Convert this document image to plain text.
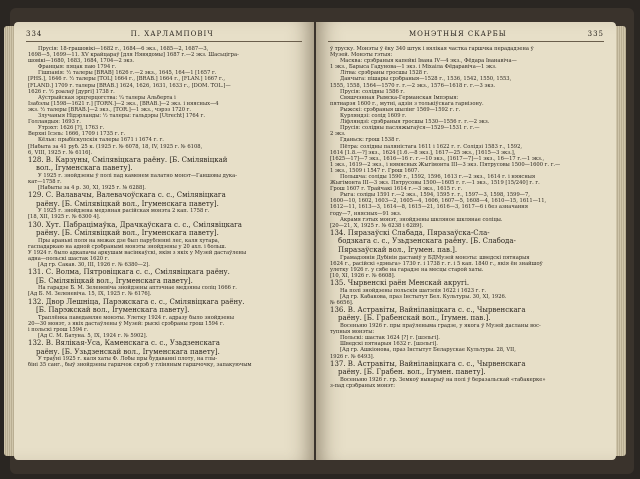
334	П. ХАРЛАМПОВІЧ
Прусія: 18-грашовікі—1682 г., 1684—6 экз., 1685—2, 1687—3,
1698—5, 1699—11. XV крайцараў [для Нявядомы] 1687 г.—2 экз. Шасьцігра-
шовікі—1680, 1683, 1684, 1704—2 экз.
Францыя: пяцак паю 1794 г.
Гішпанія: ½ талеры [BRAB] 1626 г.—2 экз., 1645, 164—1 [1657 г.
[PHS.], 1646 г. ½ талеры [TOL] 1664 г., [BRAB.] 1664 г., [FLAN.] 1667 г.,
[FLAND.] 1709 г. талеры [BRAB.] 1624, 1626, 1631, 1633 г., [DOM. TOL.]—
1626 г. ½ рэалаў [дургі] 1738 г.
Аўстрыйская эрцгерцогства: ¼ талеры Альберта і
Ізабэлы [1598—1621 г.] [TORN.]—2 экз., [BRAB.]—2 экз. і няясных—4
экз. ½ талеры [BRAB.]—2 экз., [TOR.]—1 экз., чэрэз 1720 г.
Злучаныя Нідэрланды: ½ талеры: гальдэры [Utrecht] 1764 г.
Голландыя: 1693 г.
Утрэхт: 1626 [?], 1763 г.
Верхні Ісэль: 1666, 1709 і 1735 г. г.
Кёльн: прыбіскупскія талеры 1671 і 1674 г. г.
[Набыта за 41 руб. 25 к. (1925 г. № 6078, 18, IV, 1925 г. № 6108,
6, VIII, 1925 г. № 6116].
128. В. Карзуны, Смілявіцкага раёну. [Б. Смілявіцкай
вол., Ігуменскага павету].
У 1925 г. знойдзены ў полі пад каменем палатно монэт—Ганшовы дука-
кат—1758 г.
[Набыты за 4 р. 30, XI, 1925 г. № 6288].
129. С. Валавачы, Валевачоўскага с. с., Смілявіцкага
раёну. [Б. Смілявіцкай вол., Ігуменскага павету].
У 1925 г. знойдзена медзяная расійская монэта 2 кап. 1758 г.
[18, XII, 1925 г. № 6300 4].
130. Хут. Пабрацімаўка, Драчкаўскага с. с., Смілявіцкага
раёну. [Б. Смілявіцкай вол., Ігуменскага павету].
Пры араньні поля на межах дзе был парубленні лес, каля хутара,
гаспадаркаю на адной срэбранымі монэты знойдзены у 20 ахл. і больш.
У 1924 г. было адкапачы аркушам васінкаўскі, якім з якіх у Музей дастаўлены
адна—польскі шастак 1620 г.
[Ад гр. Сакав. 30, III, 1926 г. № 6380—2].
131. С. Волма, Пятровіцкага с. с., Смілявіцкага раёну.
[Б. Смілявіцкай вол., Ігуменскага павету].
На гарадзе Б. М. Зеленевіча знойдзены аптэчнае медзяны соліц 1666 г.
[Ад Б. М. Зеленевіча. 15, IX, 1925 г. № 6176].
132. Двор Лешніца, Парэжскага с. с., Смілявіцкага раёну.
[Б. Парэжскай вол., Ігуменскага павету].
Траплёнка паведамляе монэты. Улетку 1924 г. адразу было знойдзены
20—30 монэт, з якіх дастаўлены ў Музей: рыскі срэбраны грош 1594 г.
і польскі грош 1594 г.
[Ад С. М. Батуна. 5, IX, 1924 г. № 5902].
132. В. Вялікая-Уса, Каменскага с. с., Узьдзенскага
раёну. [Б. Узьдзенскай вол., Ігуменскага павету].
У траўні 1925 г. каля хаты Ф. Лобы пры будаванні плоту, на глы-
бінi 35 санг., быў знойдзены гаршчок сярэб у гліняным гаршчочку, запакуючым
МОНЭТНЫЯ СКАРБЫ	335
ў труску. Монэты ў ёку 340 штук і вялікая частка гаршчка перададзена ў
Музей. Монэты гэтыя:
Масква: срэбраныя капейкі Івана IV—4 экз., Фёдара Іванавіча—
1 экз., Барыса Гадунова—1 экз. і Міхаіла Фёдаравіча—1 экз.
Літва: срэбраны гросшы 1528 г.
Данчыга: пішары срэбраныя—1528 г., 1536, 1542, 1550, 1553,
1555, 1558, 1564—1570 г. г.—2 экз., 1576—1618 г. г.—3 экз.
Прусія: солідны 1586 г.
Свяшчэнная Рымска-Германская Імпэрыя:
пятнарэя 1600 г., мутні, адзін з толькіўскага гарнізону.
Рыжскі: срэбраныя шылінг 1569—1592 г. г.
Курляндзі: солід 1609 г.
Ліфляндзі: срэбраныя гросшы 1530—1556 г. г.—2 экз.
Прусія: солідны пасляжыгаўся—1529—1531 г. г.—
2 экз.
Гданьск: грош 1538 г.
Пётра: солідны паляністага 1611 і 1622 г. г. Солідзі 1583 г., 1592,
1614 [1.8.—?] экз., 1624 [1.6.—8 экз.], 1617—25 экз., [1615—3 экз.],
[1625—17]—7 экз., 1616—16 г. г.—10 экз., [1617—7]—1 экз., 16—17 г.—1 экз.,
1 экз., 1619—2 экз., і нямясных Жыгімонта III—3 экз. Пятрусовы 1500—1600 г. г.—
1 экз., 1509 і 1547 г. Грош 1607.
Польшча: соліды 1590 г., 1592, 1596, 1613 г.—2 экз., 1614 г. і няясныя
Жыгімонта III—3 экз. Пятрусовы 1500—1605 г. г.—1 экз., 1519 [15/240] г. г.
Грош 1607 г. Трайчакі 1614 г.—3 экз., 1615 г. г.
Рыга: соліды 1591 г.—2 экз., 1594, 1595 г. г., 1597—3, 1598, 1599—7,
1600—10, 1602, 1603—2, 1605—4, 1606, 1607—5, 1608—4, 1610—15, 1611—11,
1612—11, 1613—3, 1614—8, 1615—21, 1616—3, 1617—6 і без азначання
году—7, няясных—91 экз.
Акрамя гэтых монэт, знойдзены шкляное шклянае соліцы.
[20—21, X, 1925 г. № 6238 і 6289].
134. Пяразаўскі Слабада, Пяразаўска-Сла-
бодзкага с. с., Узьдзенскага раёну. [Б. Слабода-
Пяразаўскай вол., Ігумен. пав.].
Грамадзянін Дубінін даставіў у БДМузей монэты: шведскі пятнарыя
1624 г., расійскі «дэньга» 1730 г. і 1738 г. г. і 5 кап. 1840 г., якія ён знайшоў
улетку 1926 г. у сябе на гарадзе на месцы старой хаты.
[10, XI, 1926 г. № 6608].
135. Чырвенскі раён Менскай акругі.
На полі знойдзены польскія шатэлія 1622 і 1623 г. г.
[Ад гр. Кабакова, праз Інстытут Бел. Культуры. 30, XI, 1926.
№ 6656].
136. В. Астравіты, Вайнілавіцкага с. с., Чырвенскага
раёну. [Б. Грабенскай вол., Ігумен. пав.].
Восеньню 1926 г. пры праўленыма градзе, у якога ў Музей дасланы вос-
тупныя монэты:
Польскі: шастак 1624 [?] г. [шэльгі].
Шведскі пятнарыя 1632 г. [шэльгі].
[Ад гр. Ашкіонова, праз Інстытут Беларускае Культуры. 28, VII,
1926 г. № 6493].
137. В. Астравіты, Вайнілавіцкага с. с., Чырвенскага
раёну. [Б. Грабен. вол., Ігумен. павету].
Восеньню 1926 г. гр. Земкоў выкарыў на полі ў беразальскай «табакерке»
з-пад срэбраных монэт:
